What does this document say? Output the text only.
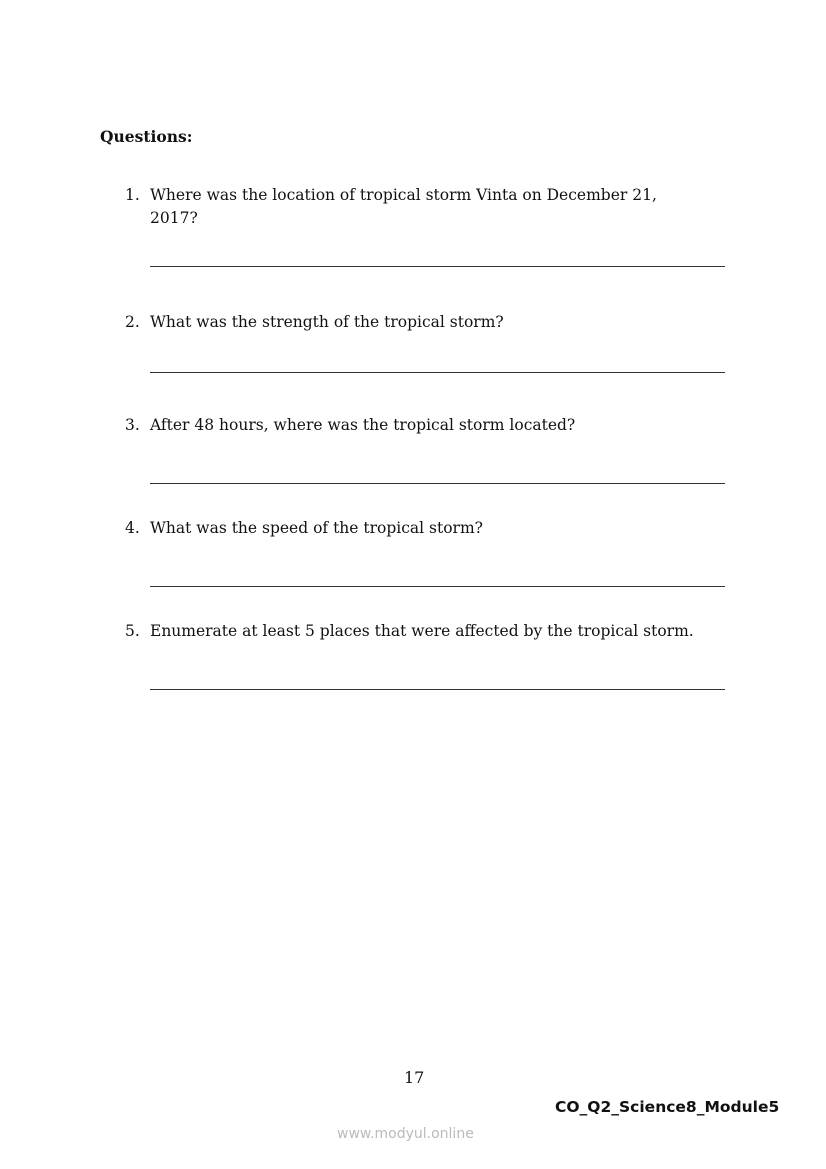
Questions:
1. Where was the location of tropical storm Vinta on December 21, 2017?
2. What was the strength of the tropical storm?
3. After 48 hours, where was the tropical storm located?
4. What was the speed of the tropical storm?
5. Enumerate at least 5 places that were affected by the tropical storm.
17
CO_Q2_Science8_Module5
www.modyul.online
